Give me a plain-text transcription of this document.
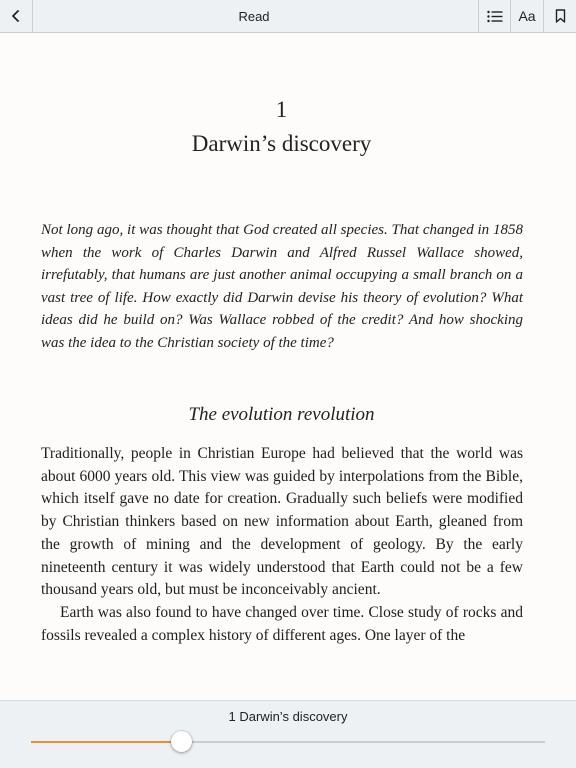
Read	Aa
1
Darwin’s discovery

Not long ago, it was thought that God created all species. That changed in 1858 when the work of Charles Darwin and Alfred Russel Wallace showed, irrefutably, that humans are just another animal occupying a small branch on a vast tree of life. How exactly did Darwin devise his theory of evolution? What ideas did he build on? Was Wallace robbed of the credit? And how shocking was the idea to the Christian society of the time?

The evolution revolution

Traditionally, people in Christian Europe had believed that the world was about 6000 years old. This view was guided by interpolations from the Bible, which itself gave no date for creation. Gradually such beliefs were modified by Christian thinkers based on new information about Earth, gleaned from the growth of mining and the development of geology. By the early nineteenth century it was widely understood that Earth could not be a few thousand years old, but must be inconceivably ancient.

Earth was also found to have changed over time. Close study of rocks and fossils revealed a complex history of different ages. One layer of the

1 Darwin’s discovery
